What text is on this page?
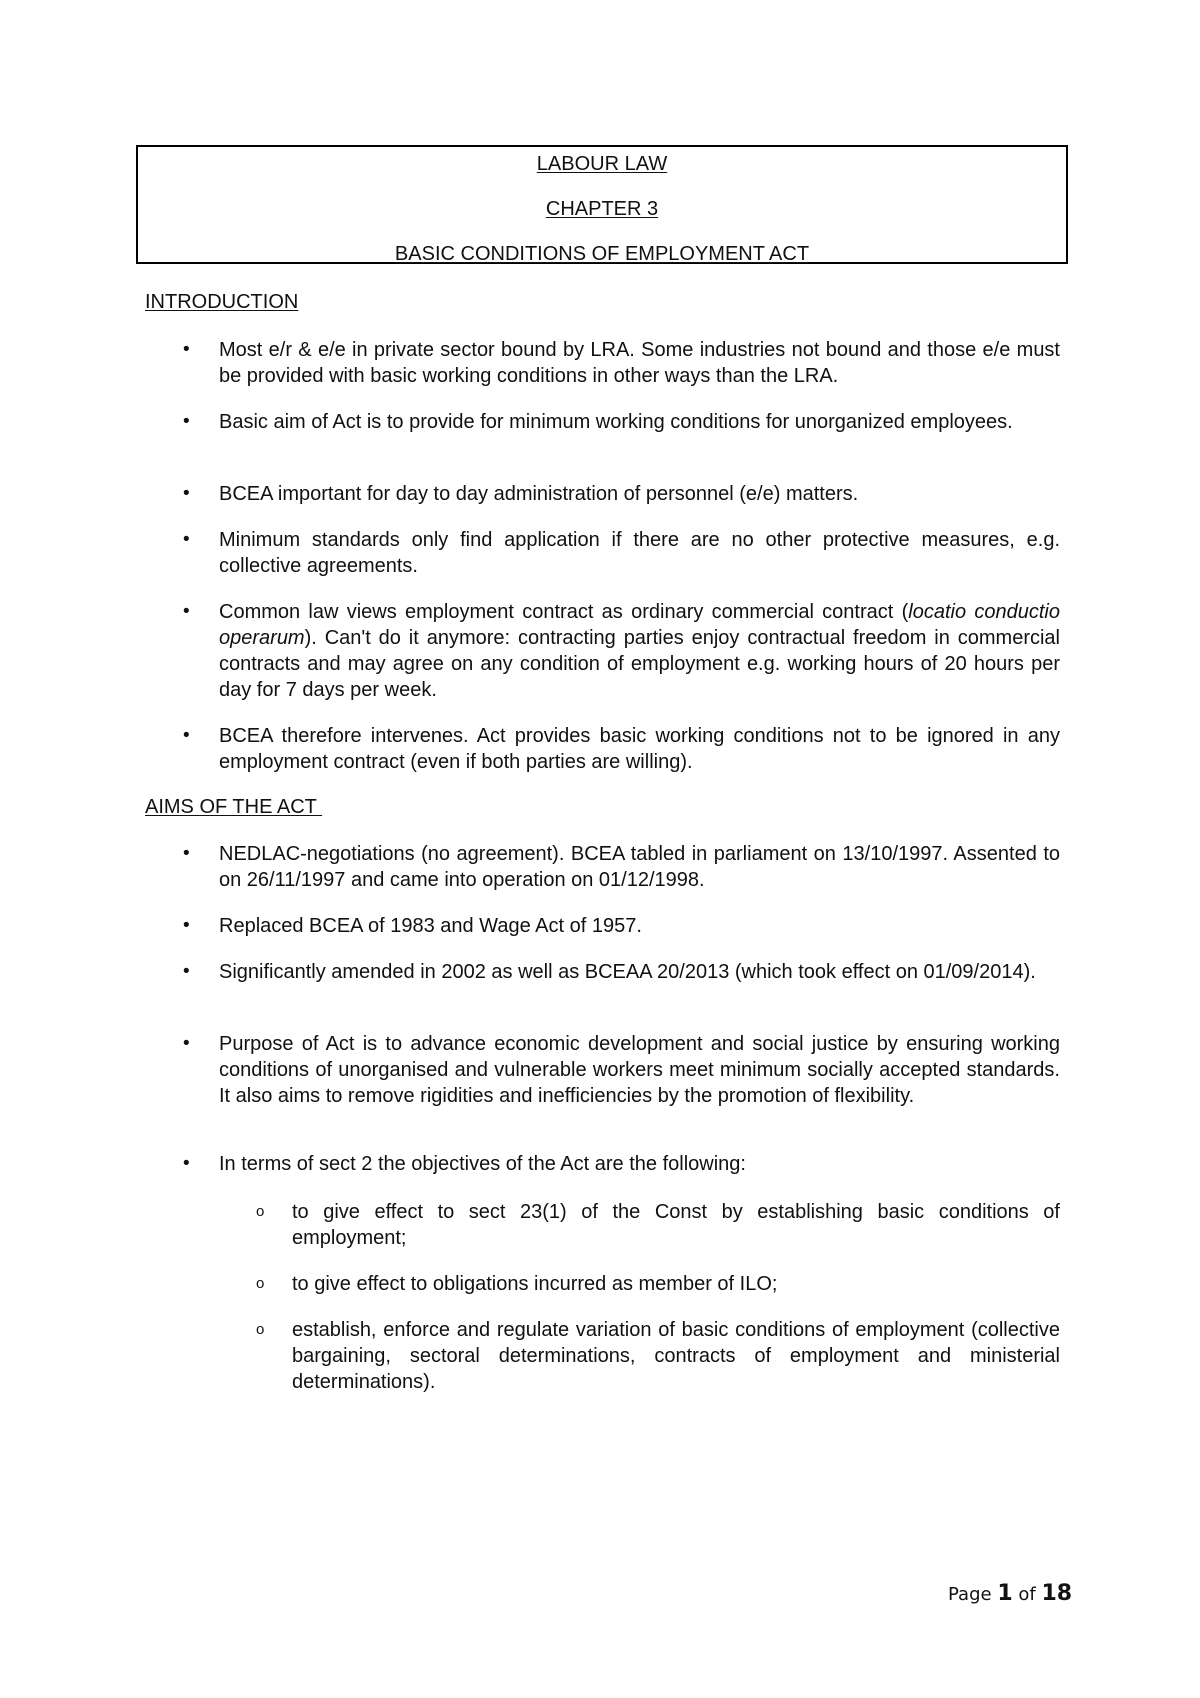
LABOUR LAW
CHAPTER 3
BASIC CONDITIONS OF EMPLOYMENT ACT
INTRODUCTION
• Most e/r & e/e in private sector bound by LRA. Some industries not bound and those e/e must be provided with basic working conditions in other ways than the LRA.
• Basic aim of Act is to provide for minimum working conditions for unorganized employees.
• BCEA important for day to day administration of personnel (e/e) matters.
• Minimum standards only find application if there are no other protective measures, e.g. collective agreements.
• Common law views employment contract as ordinary commercial contract (locatio conductio operarum). Can't do it anymore: contracting parties enjoy contractual freedom in commercial contracts and may agree on any condition of employment e.g. working hours of 20 hours per day for 7 days per week.
• BCEA therefore intervenes. Act provides basic working conditions not to be ignored in any employment contract (even if both parties are willing).
AIMS OF THE ACT
• NEDLAC-negotiations (no agreement). BCEA tabled in parliament on 13/10/1997. Assented to on 26/11/1997 and came into operation on 01/12/1998.
• Replaced BCEA of 1983 and Wage Act of 1957.
• Significantly amended in 2002 as well as BCEAA 20/2013 (which took effect on 01/09/2014).
• Purpose of Act is to advance economic development and social justice by ensuring working conditions of unorganised and vulnerable workers meet minimum socially accepted standards. It also aims to remove rigidities and inefficiencies by the promotion of flexibility.
• In terms of sect 2 the objectives of the Act are the following:
o to give effect to sect 23(1) of the Const by establishing basic conditions of employment;
o to give effect to obligations incurred as member of ILO;
o establish, enforce and regulate variation of basic conditions of employment (collective bargaining, sectoral determinations, contracts of employment and ministerial determinations).
Page 1 of 18
